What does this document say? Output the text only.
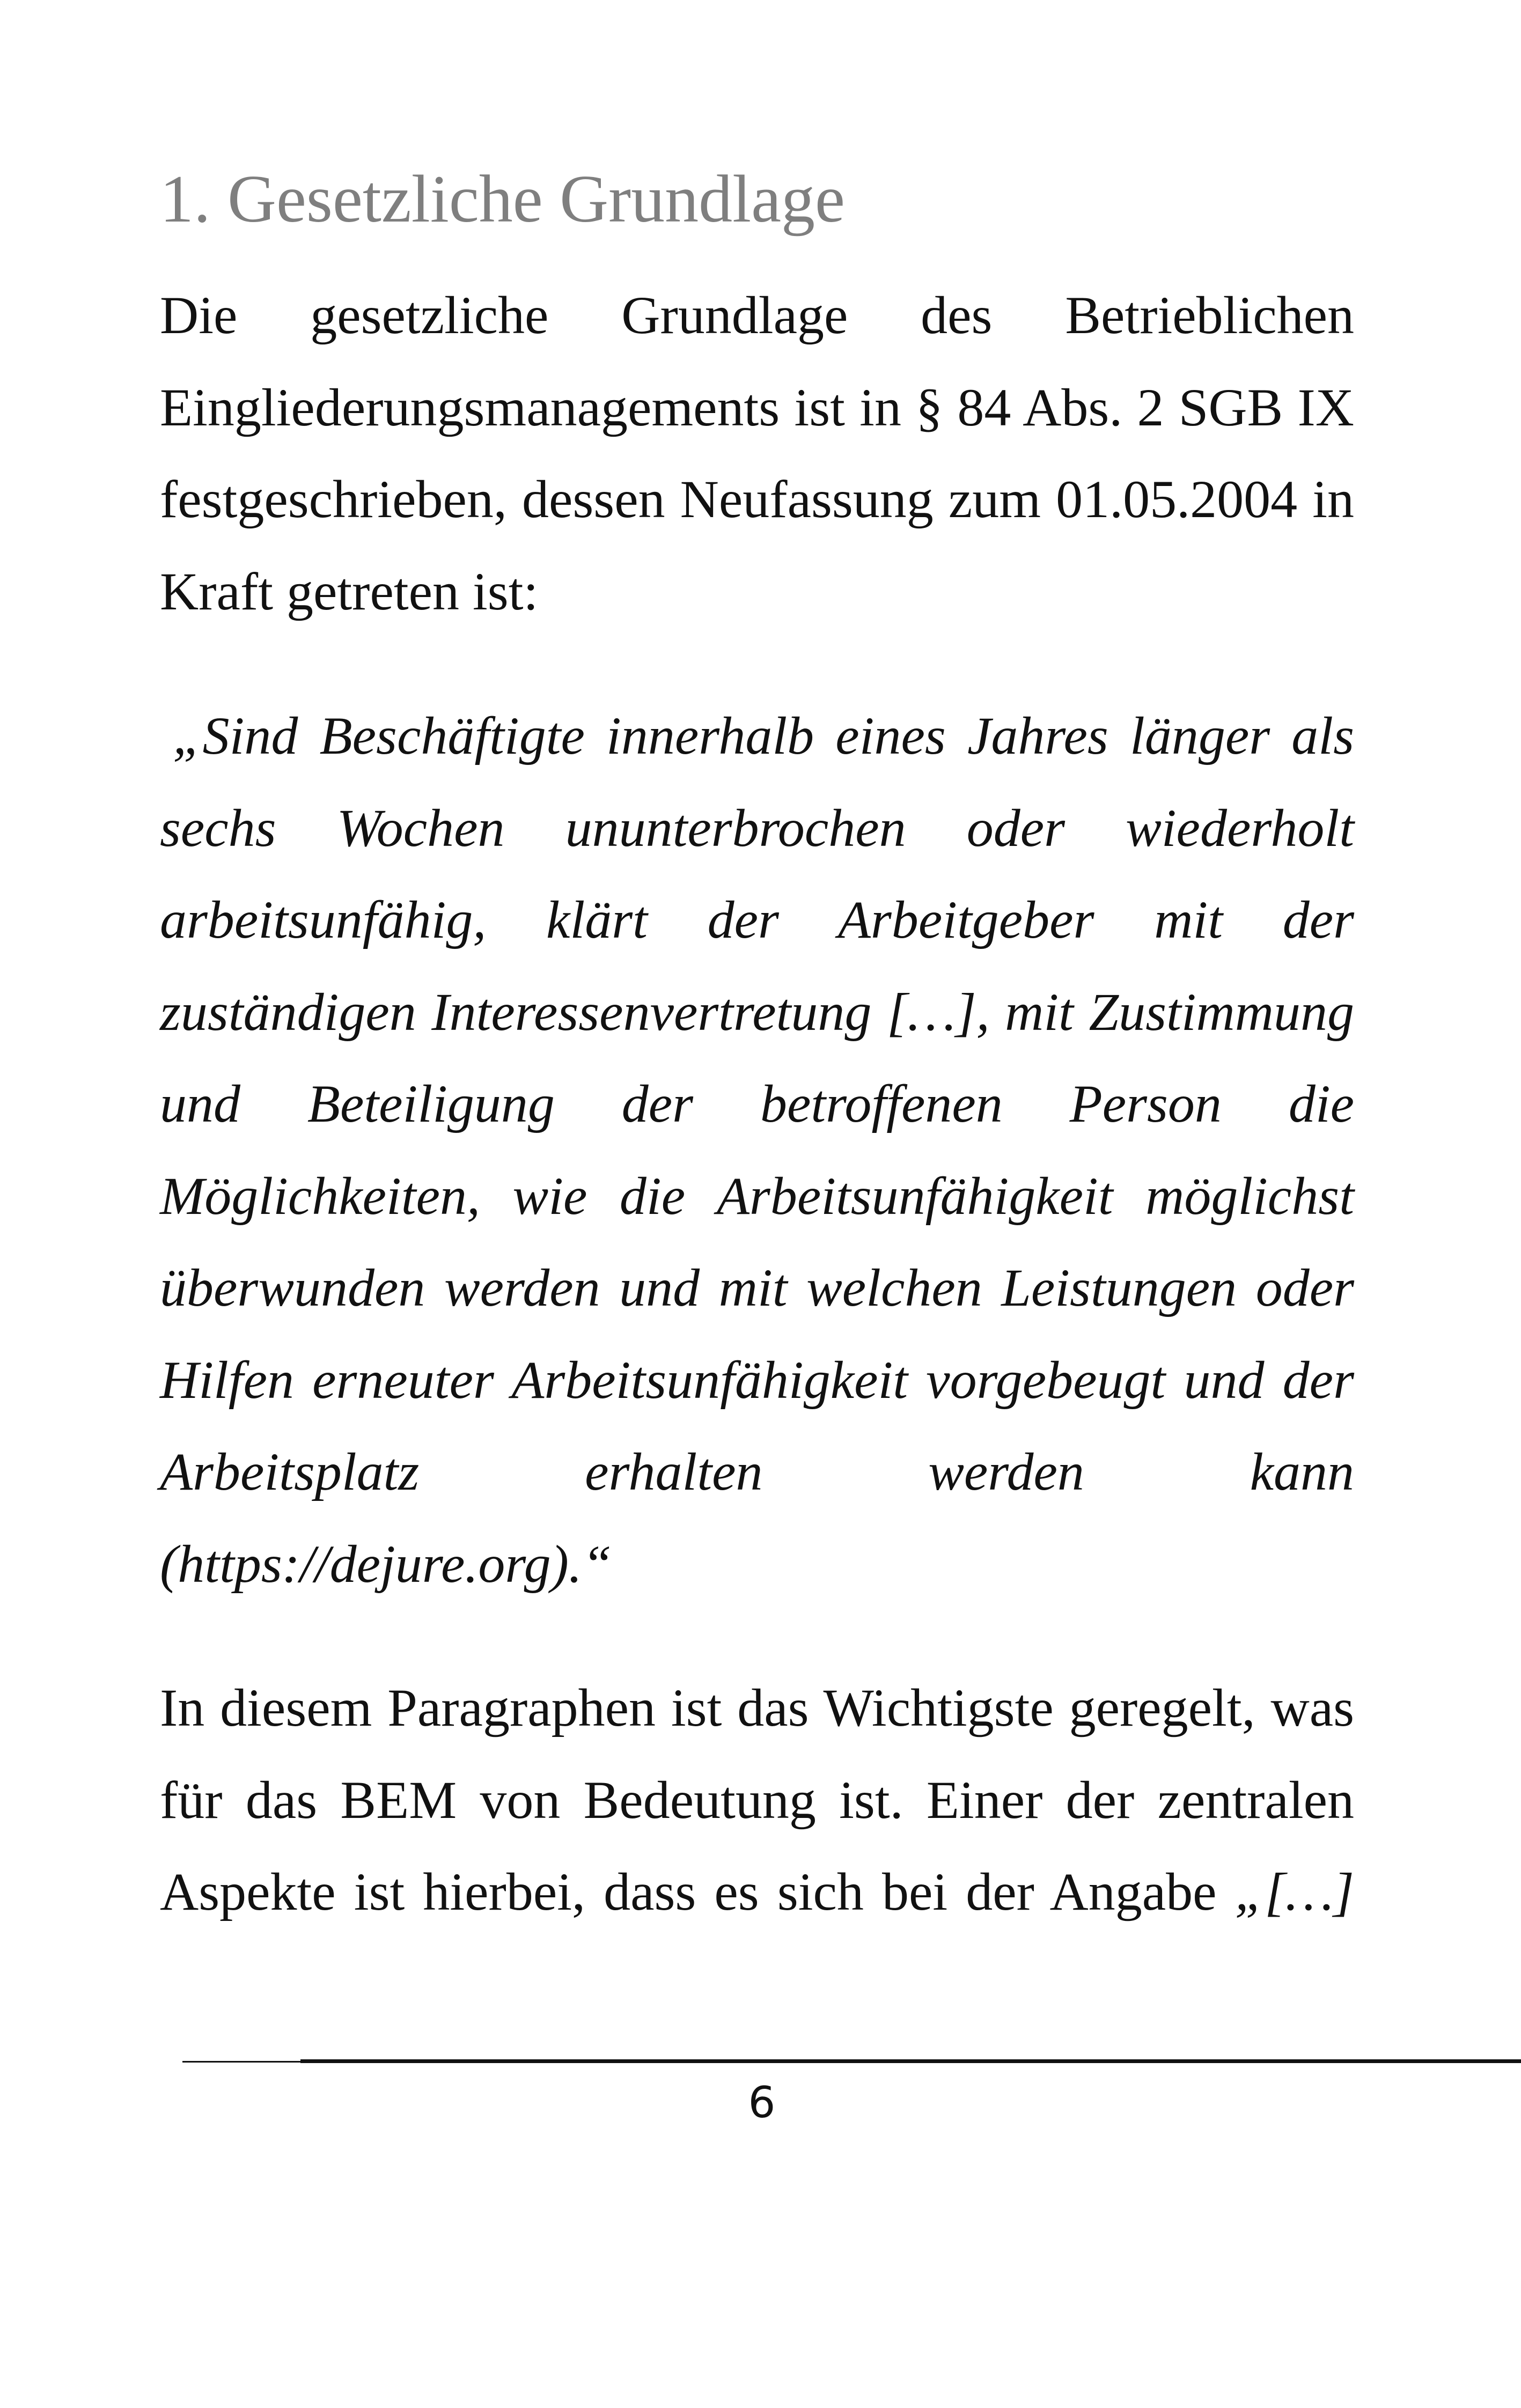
1. Gesetzliche Grundlage

Die gesetzliche Grundlage des Betrieblichen
Eingliederungsmanagements ist in § 84 Abs. 2 SGB IX
festgeschrieben, dessen Neufassung zum 01.05.2004 in
Kraft getreten ist:

„Sind Beschäftigte innerhalb eines Jahres länger als
sechs Wochen ununterbrochen oder wiederholt
arbeitsunfähig, klärt der Arbeitgeber mit der
zuständigen Interessenvertretung […], mit Zustimmung
und Beteiligung der betroffenen Person die
Möglichkeiten, wie die Arbeitsunfähigkeit möglichst
überwunden werden und mit welchen Leistungen oder
Hilfen erneuter Arbeitsunfähigkeit vorgebeugt und der
Arbeitsplatz erhalten werden kann
(https://dejure.org).“

In diesem Paragraphen ist das Wichtigste geregelt, was
für das BEM von Bedeutung ist. Einer der zentralen
Aspekte ist hierbei, dass es sich bei der Angabe „[…]

6
